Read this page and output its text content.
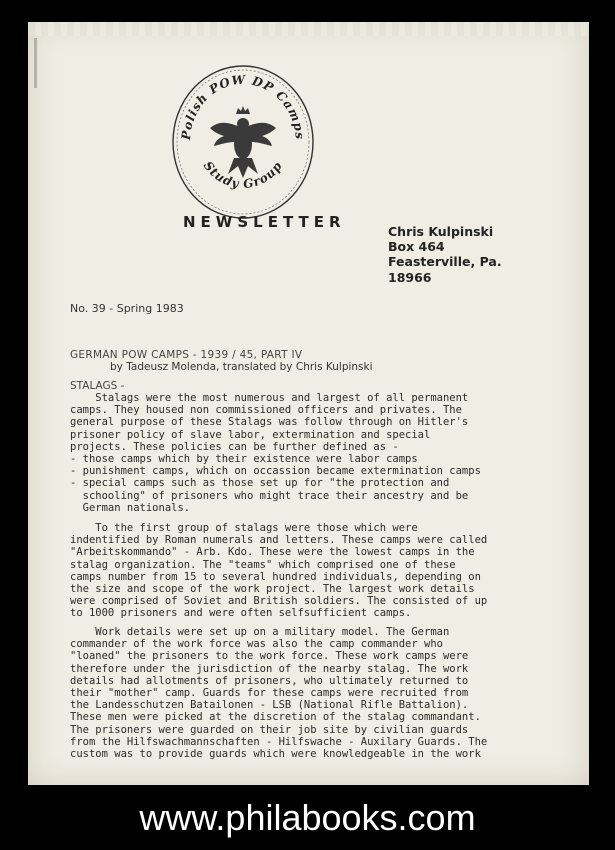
Polish POW DP Camps
Study Group
NEWSLETTER
Chris Kulpinski
Box 464
Feasterville, Pa.
18966
No. 39 - Spring 1983
GERMAN POW CAMPS - 1939 / 45, PART IV
by Tadeusz Molenda, translated by Chris Kulpinski
STALAGS -
Stalags were the most numerous and largest of all permanent
camps. They housed non commissioned officers and privates. The
general purpose of these Stalags was follow through on Hitler's
prisoner policy of slave labor, extermination and special
projects. These policies can be further defined as -
- those camps which by their existence were labor camps
- punishment camps, which on occassion became extermination camps
- special camps such as those set up for "the protection and
schooling" of prisoners who might trace their ancestry and be
German nationals.
To the first group of stalags were those which were
indentified by Roman numerals and letters. These camps were called
"Arbeitskommando" - Arb. Kdo. These were the lowest camps in the
stalag organization. The "teams" which comprised one of these
camps number from 15 to several hundred individuals, depending on
the size and scope of the work project. The largest work details
were comprised of Soviet and British soldiers. The consisted of up
to 1000 prisoners and were often selfsufficient camps.
Work details were set up on a military model. The German
commander of the work force was also the camp commander who
"loaned" the prisoners to the work force. These work camps were
therefore under the jurisdiction of the nearby stalag. The work
details had allotments of prisoners, who ultimately returned to
their "mother" camp. Guards for these camps were recruited from
the Landesschutzen Batailonen - LSB (National Rifle Battalion).
These men were picked at the discretion of the stalag commandant.
The prisoners were guarded on their job site by civilian guards
from the Hilfswachmannschaften - Hilfswache - Auxilary Guards. The
custom was to provide guards which were knowledgeable in the work
www.philabooks.com
